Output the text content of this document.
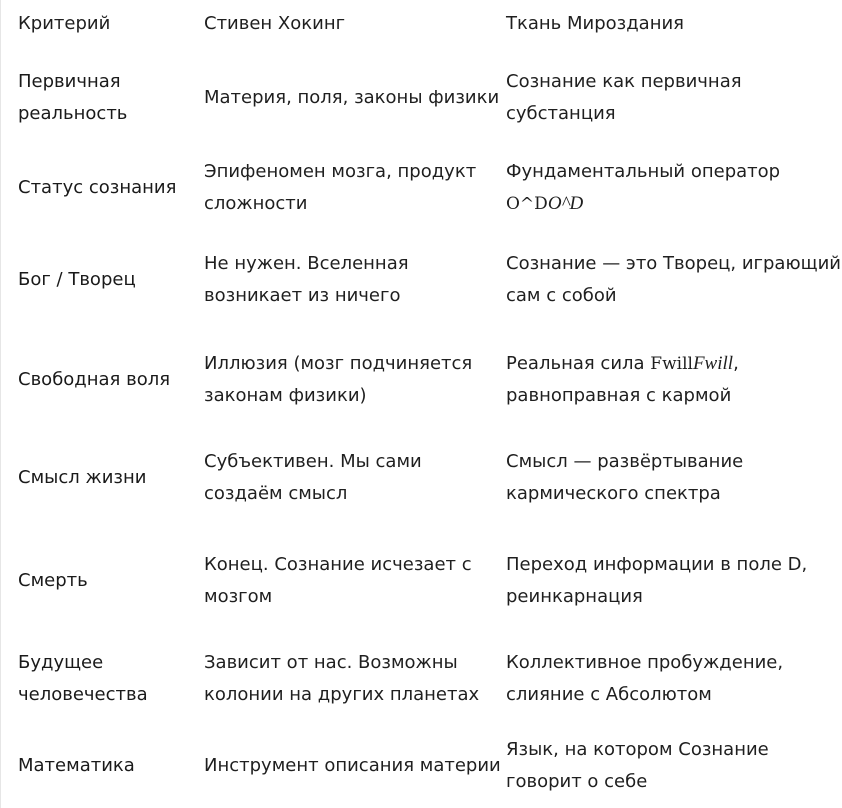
Критерий	Стивен Хокинг	Ткань Мироздания
Первичная реальность	Материя, поля, законы физики	Сознание как первичная субстанция
Статус сознания	Эпифеномен мозга, продукт сложности	Фундаментальный оператор O^DO^D
Бог / Творец	Не нужен. Вселенная возникает из ничего	Сознание — это Творец, играющий сам с собой
Свободная воля	Иллюзия (мозг подчиняется законам физики)	Реальная сила FwillFwill, равноправная с кармой
Смысл жизни	Субъективен. Мы сами создаём смысл	Смысл — развёртывание кармического спектра
Смерть	Конец. Сознание исчезает с мозгом	Переход информации в поле D, реинкарнация
Будущее человечества	Зависит от нас. Возможны колонии на других планетах	Коллективное пробуждение, слияние с Абсолютом
Математика	Инструмент описания материи	Язык, на котором Сознание говорит о себе
